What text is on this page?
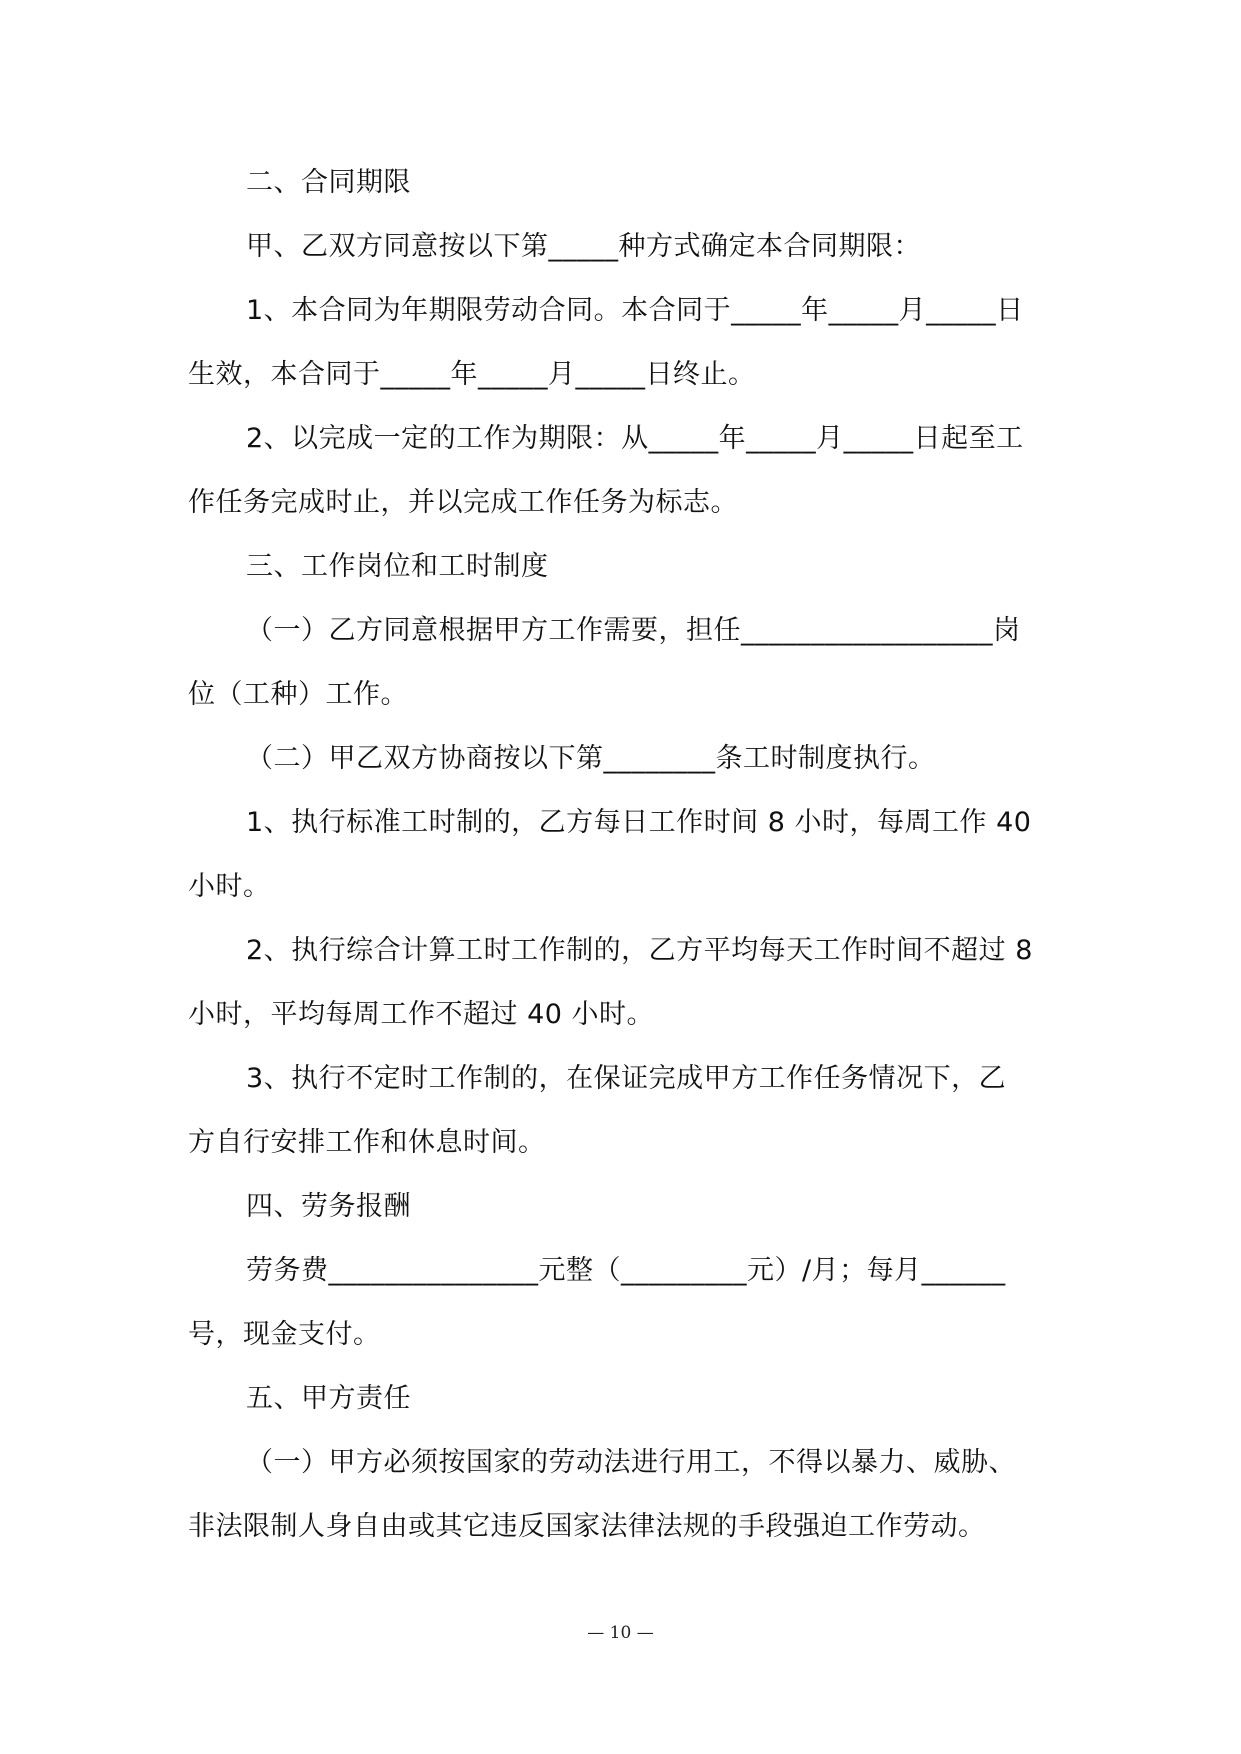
二、合同期限
甲、乙双方同意按以下第_____种方式确定本合同期限：
1、本合同为年期限劳动合同。本合同于_____年_____月_____日
生效，本合同于_____年_____月_____日终止。
2、以完成一定的工作为期限：从_____年_____月_____日起至工
作任务完成时止，并以完成工作任务为标志。
三、工作岗位和工时制度
（一）乙方同意根据甲方工作需要，担任__________________岗
位（工种）工作。
（二）甲乙双方协商按以下第________条工时制度执行。
1、执行标准工时制的，乙方每日工作时间 8 小时，每周工作 40
小时。
2、执行综合计算工时工作制的，乙方平均每天工作时间不超过 8
小时，平均每周工作不超过 40 小时。
3、执行不定时工作制的，在保证完成甲方工作任务情况下，乙
方自行安排工作和休息时间。
四、劳务报酬
劳务费_______________元整（_________元）/月；每月______
号，现金支付。
五、甲方责任
（一）甲方必须按国家的劳动法进行用工，不得以暴力、威胁、
非法限制人身自由或其它违反国家法律法规的手段强迫工作劳动。
— 10 —
